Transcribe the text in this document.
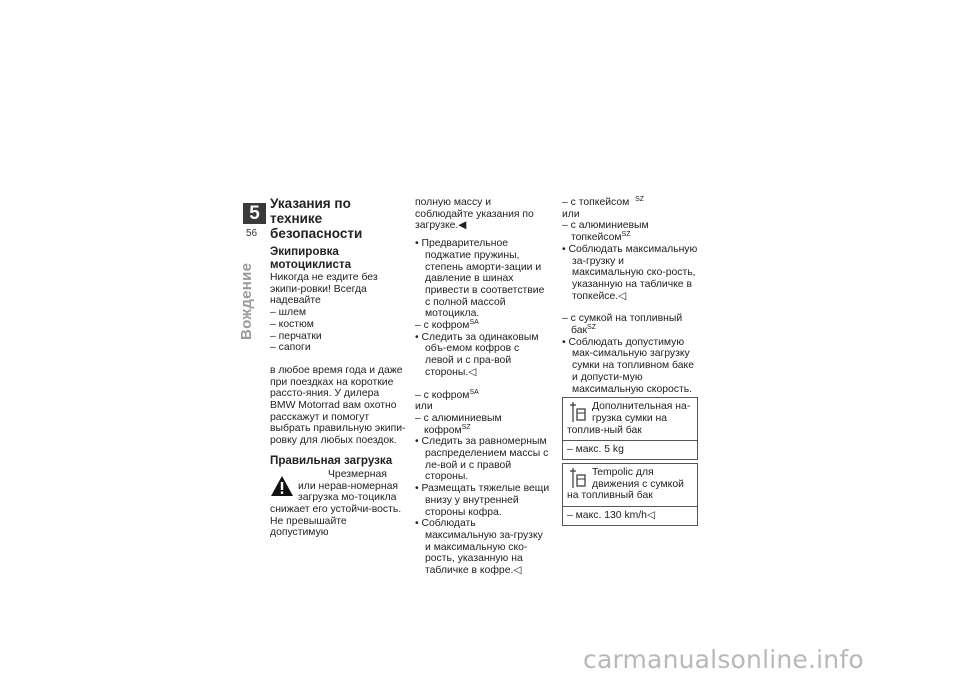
5
56
Вождение
Указания по технике безопасности
Экипировка мотоциклиста

Никогда не ездите без экипи-ровки! Всегда надевайте

– шлем

– костюм

– перчатки

– сапоги

в любое время года и даже при поездках на короткие рассто-яния. У дилера BMW Motorrad вам охотно расскажут и помогут выбрать правильную экипи-ровку для любых поездок.

Правильная загрузка

Чрезмерная или нерав-номерная загрузка мо-тоцикла снижает его устойчи-вость.

Не превышайте допустимую

полную массу и соблюдайте указания по загрузке.◀

• Предварительное поджатие пружины, степень аморти-зации и давление в шинах привести в соответствие с полной массой мотоцикла.

– с кофром$^{SA}$

• Следить за одинаковым объ-емом кофров с левой и с пра-вой стороны.◁

– с кофром$^{SA}$

или

– с алюминиевым кофром$^{SZ}$

• Следить за равномерным распределением массы с ле-вой и с правой стороны.

• Размещать тяжелые вещи внизу у внутренней стороны кофра.

• Соблюдать максимальную за-грузку и максимальную ско-рость, указанную на табличке в кофре.◁

– с топкейсом $^{SZ}$

или

– с алюминиевым топкейсом$^{SZ}$

• Соблюдать максимальную за-грузку и максимальную ско-рость, указанную на табличке в топкейсе.◁

– с сумкой на топливный бак$^{SZ}$

• Соблюдать допустимую мак-симальную загрузку сумки на топливном баке и допусти-мую максимальную скорость.

Дополнительная на-грузка сумки на топлив-ный бак
– макс. 5 kg
Tempolic для движения с сумкой на топливный бак
– макс. 130 km/h◁
carmanualsonline.info
